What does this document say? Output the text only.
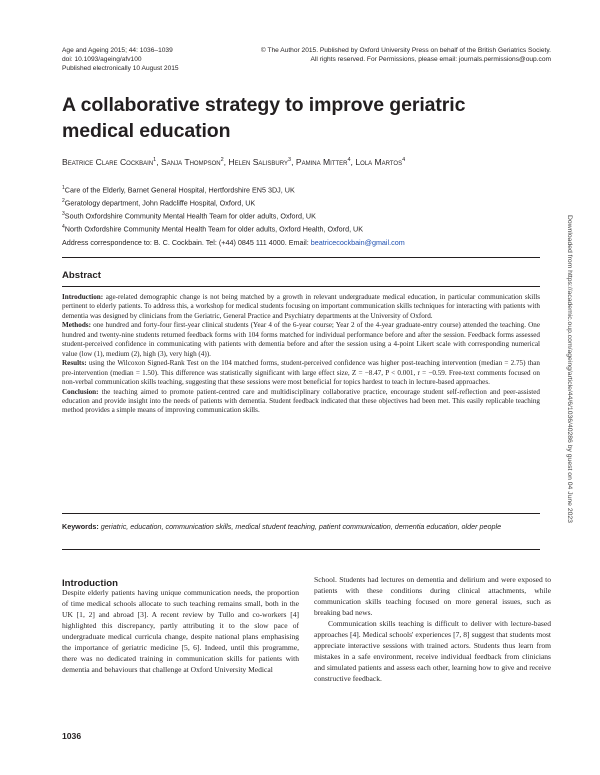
Age and Ageing 2015; 44: 1036–1039
doi: 10.1093/ageing/afv100
Published electronically 10 August 2015
© The Author 2015. Published by Oxford University Press on behalf of the British Geriatrics Society.
All rights reserved. For Permissions, please email: journals.permissions@oup.com
A collaborative strategy to improve geriatric medical education
Beatrice Clare Cockbain$^1$, Sanja Thompson$^2$, Helen Salisbury$^3$, Pamina Mitter$^4$, Lola Martos$^4$
$^1$Care of the Elderly, Barnet General Hospital, Hertfordshire EN5 3DJ, UK
$^2$Geratology department, John Radcliffe Hospital, Oxford, UK
$^3$South Oxfordshire Community Mental Health Team for older adults, Oxford, UK
$^4$North Oxfordshire Community Mental Health Team for older adults, Oxford Health, Oxford, UK
Address correspondence to: B. C. Cockbain. Tel: (+44) 0845 111 4000. Email: beatricecockbain@gmail.com
Abstract

Introduction: age-related demographic change is not being matched by a growth in relevant undergraduate medical education, in particular communication skills pertinent to elderly patients. To address this, a workshop for medical students focusing on important communication skills techniques for interacting with patients with dementia was designed by clinicians from the Geriatric, General Practice and Psychiatry departments at the University of Oxford.

Methods: one hundred and forty-four first-year clinical students (Year 4 of the 6-year course; Year 2 of the 4-year graduate-entry course) attended the teaching. One hundred and twenty-nine students returned feedback forms with 104 forms matched for individual performance before and after the session. Feedback forms assessed student-perceived confidence in communicating with patients with dementia before and after the session using a 4-point Likert scale with corresponding numerical value (low (1), medium (2), high (3), very high (4)).

Results: using the Wilcoxon Signed-Rank Test on the 104 matched forms, student-perceived confidence was higher post-teaching intervention (median = 2.75) than pre-intervention (median = 1.50). This difference was statistically significant with large effect size, Z = −8.47, P < 0.001, r = −0.59. Free-text comments focused on non-verbal communication skills teaching, suggesting that these sessions were most beneficial for topics hardest to teach in lecture-based approaches.

Conclusion: the teaching aimed to promote patient-centred care and multidisciplinary collaborative practice, encourage student self-reflection and peer-assisted education and provide insight into the needs of patients with dementia. Student feedback indicated that these objectives had been met. This easily replicable teaching method provides a simple means of improving communication skills.

Keywords: geriatric, education, communication skills, medical student teaching, patient communication, dementia education, older people
Introduction

Despite elderly patients having unique communication needs, the proportion of time medical schools allocate to such teaching remains small, both in the UK [1, 2] and abroad [3]. A recent review by Tullo and co-workers [4] highlighted this discrepancy, partly attributing it to the slow pace of undergraduate medical curricula change, despite national plans emphasising the importance of geriatric medicine [5, 6]. Indeed, until this programme, there was no dedicated training in communication skills for patients with dementia and behaviours that challenge at Oxford University Medical

School. Students had lectures on dementia and delirium and were exposed to patients with these conditions during clinical attachments, while communication skills teaching focused on more general issues, such as breaking bad news.

Communication skills teaching is difficult to deliver with lecture-based approaches [4]. Medical schools' experiences [7, 8] suggest that students most appreciate interactive sessions with trained actors. Students thus learn from mistakes in a safe environment, receive individual feedback from clinicians and simulated patients and assess each other, learning how to give and receive constructive feedback.

1036
Downloaded from https://academic.oup.com/ageing/article/44/6/1036/40286 by guest on 04 June 2023
